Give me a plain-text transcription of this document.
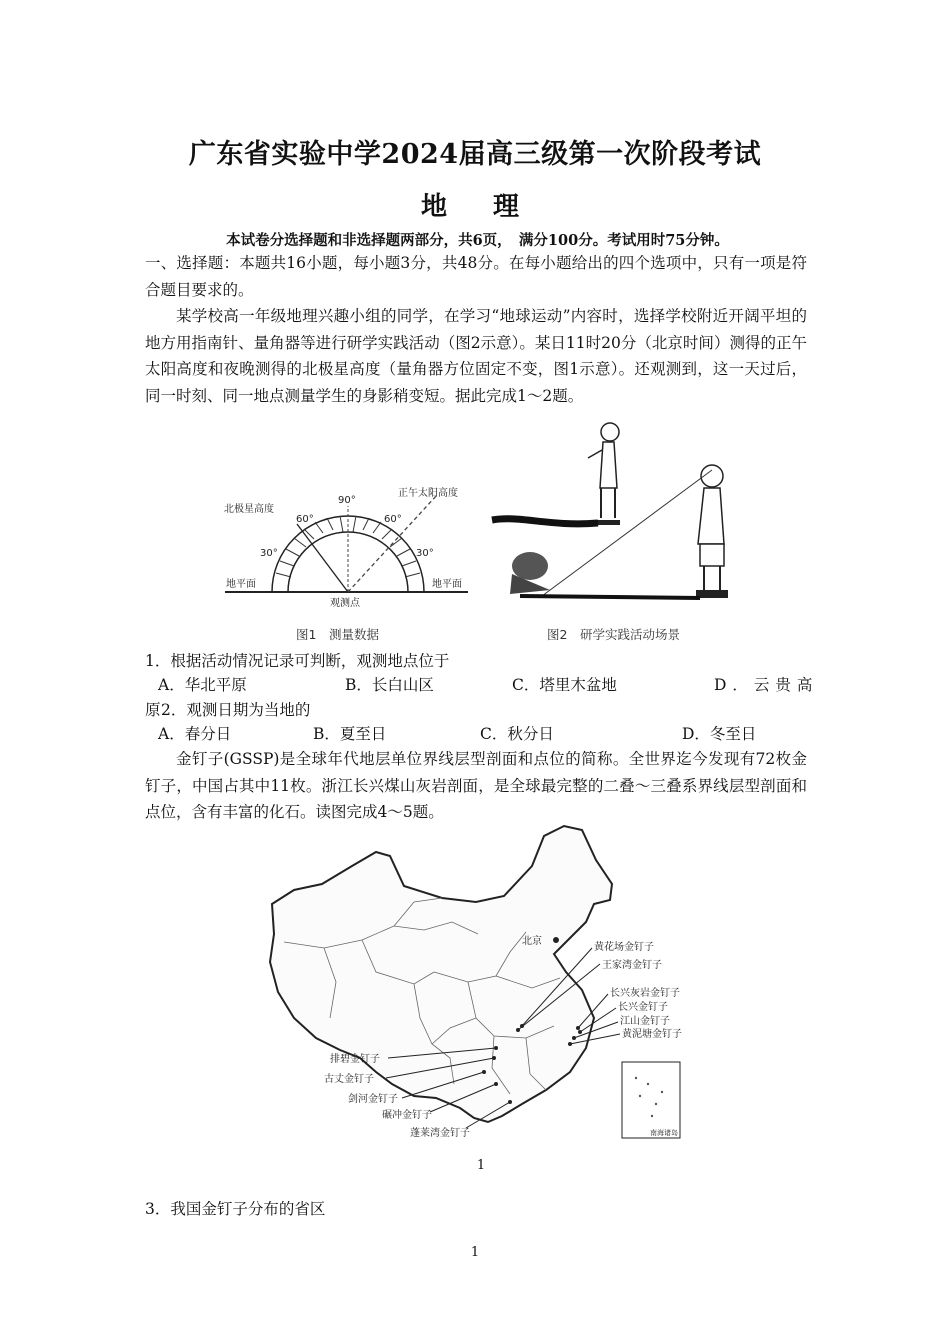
广东省实验中学2024届高三级第一次阶段考试
地　理
本试卷分选择题和非选择题两部分，共6页，　满分100分。考试用时75分钟。
一、选择题：本题共16小题，每小题3分，共48分。在每小题给出的四个选项中，只有一项是符合题目要求的。
某学校高一年级地理兴趣小组的同学，在学习“地球运动”内容时，选择学校附近开阔平坦的地方用指南针、量角器等进行研学实践活动（图2示意）。某日11时20分（北京时间）测得的正午太阳高度和夜晚测得的北极星高度（量角器方位固定不变，图1示意）。还观测到，这一天过后，同一时刻、同一地点测量学生的身影稍变短。据此完成1～2题。
北极星高度
正午太阳高度
90°
60°	60°
30°	30°
地平面	地平面
观测点
图1　测量数据	图2　研学实践活动场景
1．根据活动情况记录可判断，观测地点位于
A．华北平原	B．长白山区	C．塔里木盆地	D．云贵高
原 2．观测日期为当地的
A．春分日	B．夏至日	C．秋分日	D．冬至日
金钉子(GSSP)是全球年代地层单位界线层型剖面和点位的简称。全世界迄今发现有72枚金钉子，中国占其中11枚。浙江长兴煤山灰岩剖面，是全球最完整的二叠～三叠系界线层型剖面和点位，含有丰富的化石。读图完成4～5题。
北京
黄花场金钉子
王家湾金钉子
长兴灰岩金钉子
长兴金钉子
江山金钉子
黄泥塘金钉子
排碧金钉子
古丈金钉子
剑河金钉子
碾冲金钉子
蓬莱湾金钉子	南海诸岛
1
3．我国金钉子分布的省区
1
